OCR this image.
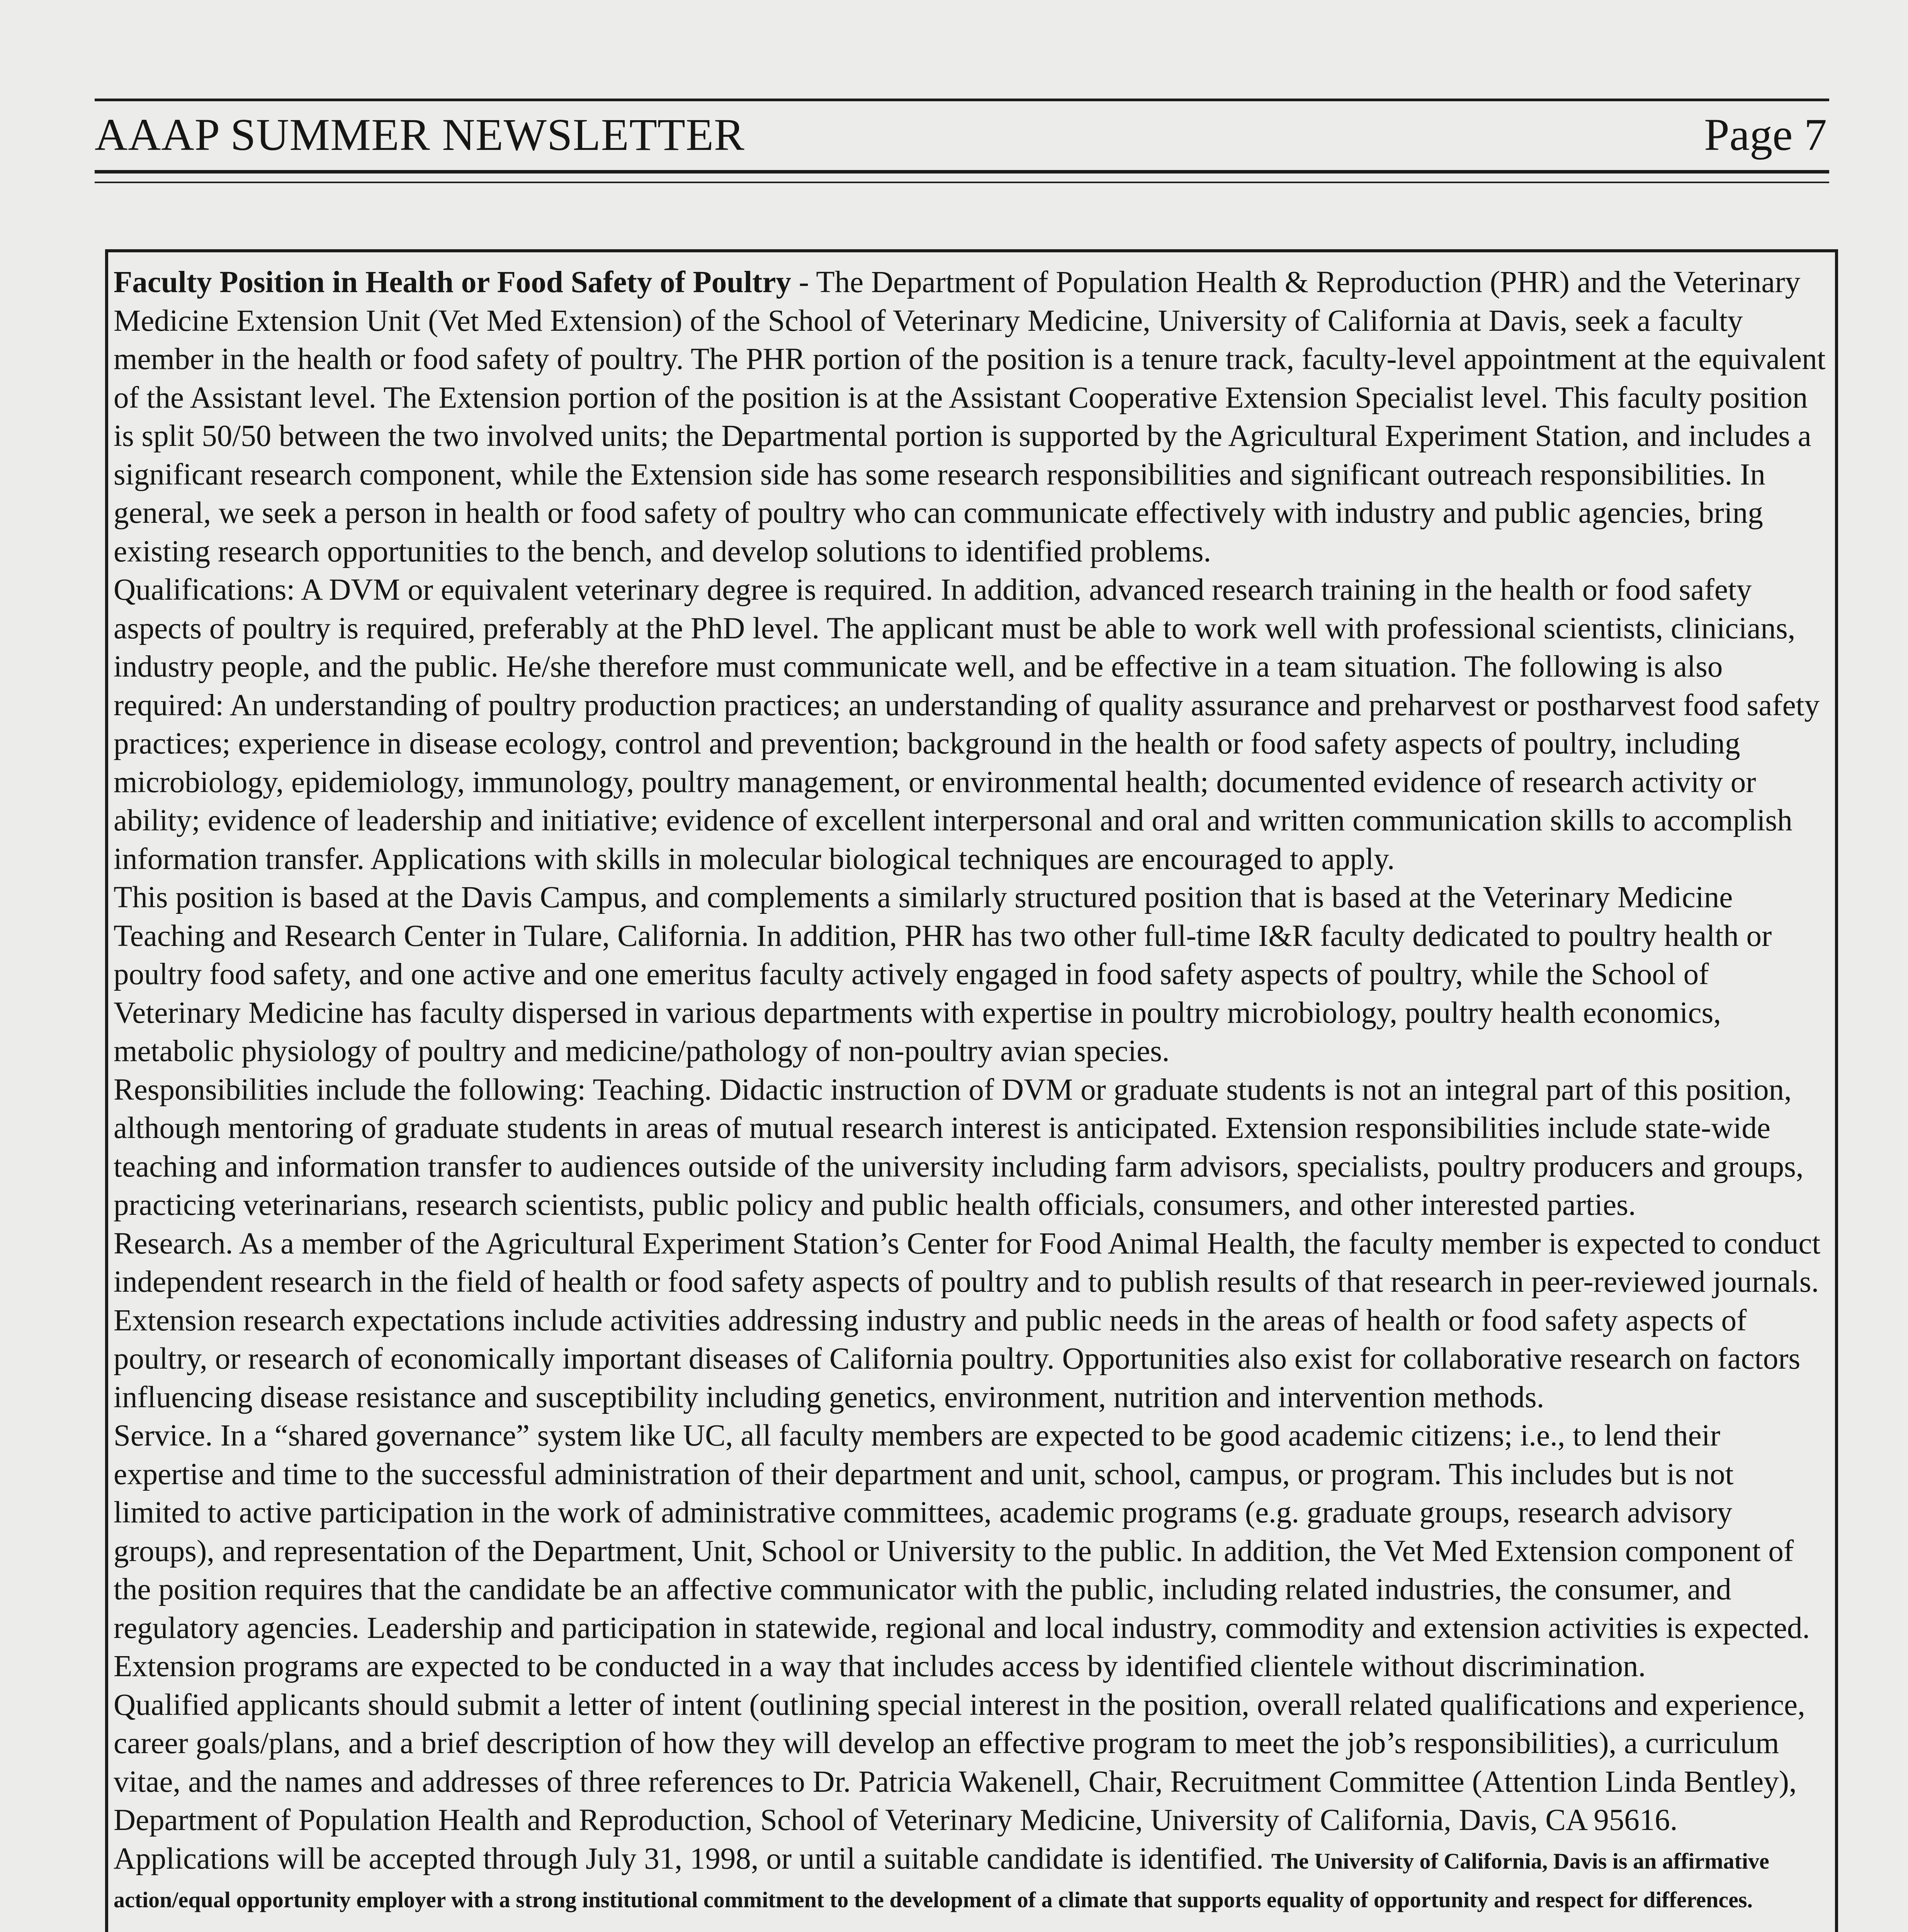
AAAP SUMMER NEWSLETTER	Page 7

Faculty Position in Health or Food Safety of Poultry - The Department of Population Health & Reproduction (PHR) and the Veterinary Medicine Extension Unit (Vet Med Extension) of the School of Veterinary Medicine, University of California at Davis, seek a faculty member in the health or food safety of poultry. The PHR portion of the position is a tenure track, faculty-level appointment at the equivalent of the Assistant level. The Extension portion of the position is at the Assistant Cooperative Extension Specialist level. This faculty position is split 50/50 between the two involved units; the Departmental portion is supported by the Agricultural Experiment Station, and includes a significant research component, while the Extension side has some research responsibilities and significant outreach responsibilities. In general, we seek a person in health or food safety of poultry who can communicate effectively with industry and public agencies, bring existing research opportunities to the bench, and develop solutions to identified problems.

Qualifications: A DVM or equivalent veterinary degree is required. In addition, advanced research training in the health or food safety aspects of poultry is required, preferably at the PhD level. The applicant must be able to work well with professional scientists, clinicians, industry people, and the public. He/she therefore must communicate well, and be effective in a team situation. The following is also required: An understanding of poultry production practices; an understanding of quality assurance and preharvest or postharvest food safety practices; experience in disease ecology, control and prevention; background in the health or food safety aspects of poultry, including microbiology, epidemiology, immunology, poultry management, or environmental health; documented evidence of research activity or ability; evidence of leadership and initiative; evidence of excellent interpersonal and oral and written communication skills to accomplish information transfer. Applications with skills in molecular biological techniques are encouraged to apply.

This position is based at the Davis Campus, and complements a similarly structured position that is based at the Veterinary Medicine Teaching and Research Center in Tulare, California. In addition, PHR has two other full-time I&R faculty dedicated to poultry health or poultry food safety, and one active and one emeritus faculty actively engaged in food safety aspects of poultry, while the School of Veterinary Medicine has faculty dispersed in various departments with expertise in poultry microbiology, poultry health economics, metabolic physiology of poultry and medicine/pathology of non-poultry avian species.

Responsibilities include the following: Teaching. Didactic instruction of DVM or graduate students is not an integral part of this position, although mentoring of graduate students in areas of mutual research interest is anticipated. Extension responsibilities include state-wide teaching and information transfer to audiences outside of the university including farm advisors, specialists, poultry producers and groups, practicing veterinarians, research scientists, public policy and public health officials, consumers, and other interested parties.

Research. As a member of the Agricultural Experiment Station’s Center for Food Animal Health, the faculty member is expected to conduct independent research in the field of health or food safety aspects of poultry and to publish results of that research in peer-reviewed journals. Extension research expectations include activities addressing industry and public needs in the areas of health or food safety aspects of poultry, or research of economically important diseases of California poultry. Opportunities also exist for collaborative research on factors influencing disease resistance and susceptibility including genetics, environment, nutrition and intervention methods.

Service. In a “shared governance” system like UC, all faculty members are expected to be good academic citizens; i.e., to lend their expertise and time to the successful administration of their department and unit, school, campus, or program. This includes but is not limited to active participation in the work of administrative committees, academic programs (e.g. graduate groups, research advisory groups), and representation of the Department, Unit, School or University to the public. In addition, the Vet Med Extension component of the position requires that the candidate be an affective communicator with the public, including related industries, the consumer, and regulatory agencies. Leadership and participation in statewide, regional and local industry, commodity and extension activities is expected. Extension programs are expected to be conducted in a way that includes access by identified clientele without discrimination.

Qualified applicants should submit a letter of intent (outlining special interest in the position, overall related qualifications and experience, career goals/plans, and a brief description of how they will develop an effective program to meet the job’s responsibilities), a curriculum vitae, and the names and addresses of three references to Dr. Patricia Wakenell, Chair, Recruitment Committee (Attention Linda Bentley), Department of Population Health and Reproduction, School of Veterinary Medicine, University of California, Davis, CA 95616. Applications will be accepted through July 31, 1998, or until a suitable candidate is identified. The University of California, Davis is an affirmative action/equal opportunity employer with a strong institutional commitment to the development of a climate that supports equality of opportunity and respect for differences.
